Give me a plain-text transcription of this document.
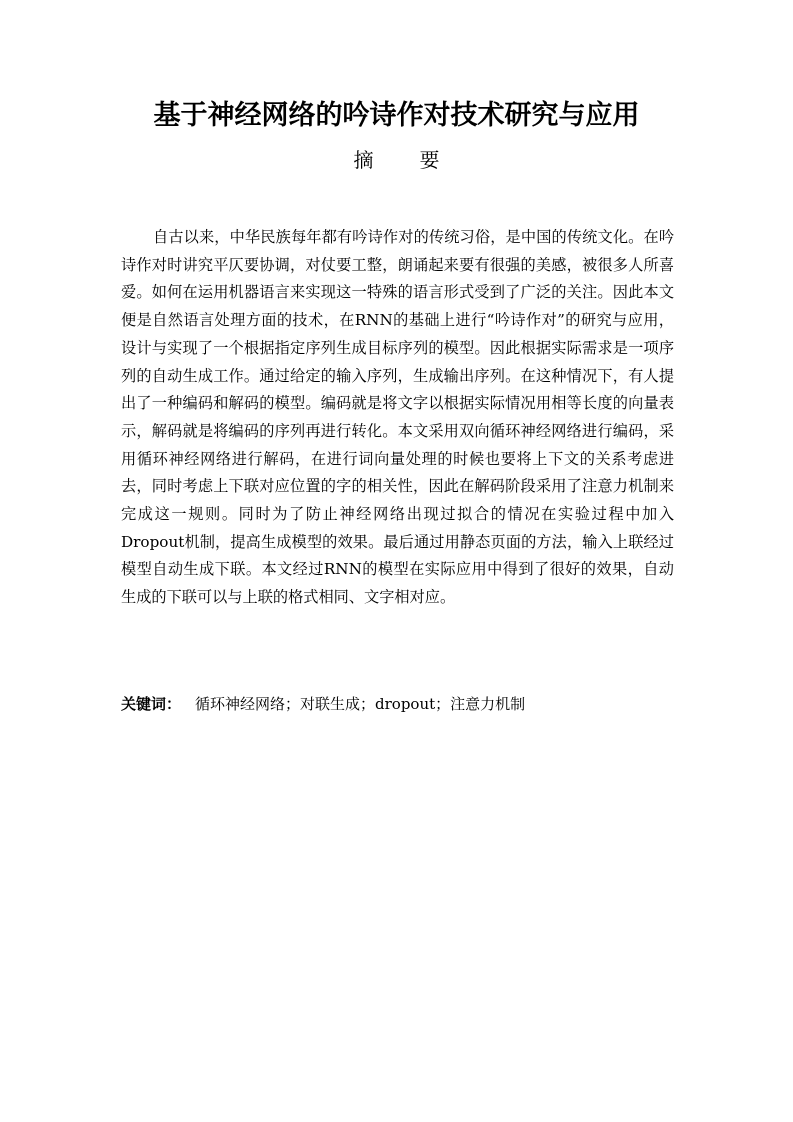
基于神经网络的吟诗作对技术研究与应用
摘 要

自古以来，中华民族每年都有吟诗作对的传统习俗，是中国的传统文化。在吟诗作对时讲究平仄要协调，对仗要工整，朗诵起来要有很强的美感，被很多人所喜爱。如何在运用机器语言来实现这一特殊的语言形式受到了广泛的关注。因此本文便是自然语言处理方面的技术，在RNN的基础上进行“吟诗作对”的研究与应用，设计与实现了一个根据指定序列生成目标序列的模型。因此根据实际需求是一项序列的自动生成工作。通过给定的输入序列，生成输出序列。在这种情况下，有人提出了一种编码和解码的模型。编码就是将文字以根据实际情况用相等长度的向量表示，解码就是将编码的序列再进行转化。本文采用双向循环神经网络进行编码，采用循环神经网络进行解码，在进行词向量处理的时候也要将上下文的关系考虑进去，同时考虑上下联对应位置的字的相关性，因此在解码阶段采用了注意力机制来完成这一规则。同时为了防止神经网络出现过拟合的情况在实验过程中加入Dropout机制，提高生成模型的效果。最后通过用静态页面的方法，输入上联经过模型自动生成下联。本文经过RNN的模型在实际应用中得到了很好的效果，自动生成的下联可以与上联的格式相同、文字相对应。

关键词： 循环神经网络；对联生成；dropout；注意力机制
